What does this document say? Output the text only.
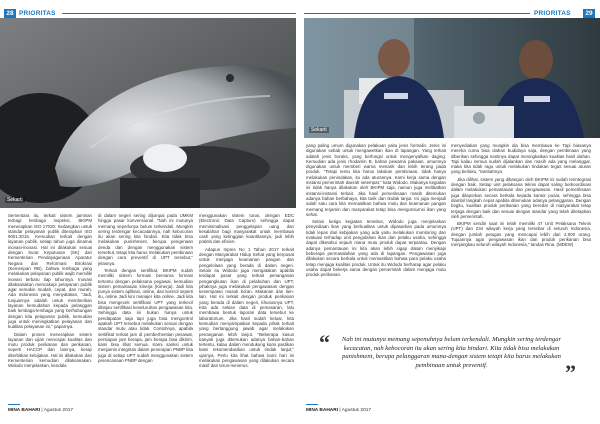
28 PRIORITAS
Sekarti

Sementara itu, terkait sistem jaminan terbagi lembaga inspeksi, BKIPM menerapkan ISO 17020. Sedangkan untuk standar pelayanan publik diterapkan ISO 9001:2015. Kemudian terkait dengan layanan publik, setiap tahun juga dinamai inovasi-inovasi. Hal ini dilakukan sesuai dengan Surat Keputusan (SK) dari Kementerian Pendayagunaan Aparatur Negara dan Reformasi Birokrasi (Kemenpan RB), bahwa lembaga yang melakukan pelayanan publik wajib memiliki inovasi terbaru tiap tahunnya. Inovasi dilaksanakan mencakupi pelayanan publik agar semakin mudah, cepat, dan murah. Ada Indonesia yang menyatakan, "Jadi, tunjuannya adalah untuk memberikan layanan kemudahan kepada pelanggan baik lembaga-lembaga yang berhubungan dengan kita pelayanan publik, kemudian juga untuk meningkatkan pelayanan dan kualitas pelayanan ini," paparnya.

Dalam proses menerapkan sistem layanan dan ujian mencapai kualitas dan mutu produk perikanan dan perikanan, seperti HACCP dan lainnya, kerap diterbitkan kebijakan. Hal ini dilakukan dari Kementerian kemudian dilaksanakan. Widodo menjelaskan, kendala

di dalam negeri sering dijumpai pada UMKM hingga pasar konvensional. "Nah ini mutunya memang seperlunya belum terkendali. Mungkin sering terdengar kecacatannya, nah kebocoran itu akan sering kita hindari. Kita tidak bisa melakukan punishment, berupa pengenaan denda dan dengan menggunakan sistem tersebut, tetapi kita harus melakukan pembinaan dengan cara preventif di UPT tersebut," jelasnya.

Terkait dengan sertifikat, BKIPM sudah memiliki sistem formasi bernama formasi tertentu dengan pelaksana pegawai, kemudian sistem pemantauan kinerja (Kimerja). Jadi kita punya sistem aplikasi, online, dan kontrol seperti itu, online Jadi kini manajer kita online. Jadi kita bisa mengecek sertifikasi UPT yang terkecil ditinjau sertifikasi keseluruhan pengawasan kita. Sehingga data ini bukan hanya untuk pendapatan saja tapi juga bisa mengontrol apakah UPT tersebut melakukan sesuai dengan standar mutu atau tidak. Contohnya, apabila sertifikat terkait jam di pemberhentian pesawat, persiapan jam berapa, jam berapa bisa dikirim, kami bisa lihat semua. Kami sanksi untuk menjamin integritas dalam penerapan PNBP kita juga di setiap UPT sudah menggunakan sistem perencanaan PNBP dengan

menggunakan sistem tunai, dengan EDC (Electronic Data Capture) sehingga dapat meminimalisasi penggelapan uang dan kesalahan bagi masyarakat untuk membawa cash yang ketinggian kuantitasnya, jadi lebih praktis dan efisien.

Adapun Inpres No 1 Tahun 2017 terkait dengan Masyarakat Hidup Sehat yang berpusat untuk menjaga keamanan pangan dan pengelolaan yang berada di dalam negeri. Selain itu Widodo juga mengatakan apabila terdapat pasar yang terkait penanganan pengangkutan ikan di pelabuhan dan UPT, pihaknya juga melakukan pengawasan dengan kesempatan masuk koran. Makanan dan lain-lain. Hal ini terkait dengan produk perikanan yang berada di dalam negeri, khususnya UPT, Kita ada sekian data di pemasaran, lalu membawa bentuk laporan data tersebut ke laboratorium. Jika hasil sudah keluar, kita kemudian menyampaikan kepada pihak terkait yang bertanggung jawab agar melakukan penanganan lebih lanjut. "Beberapa kasus banyak juga ditemukan adanya bahan-bahan tertentu, kalau dalam mendukung kami pastikan kami rekomendasikan untuk tindak lanjut," ujarnya. Perlu kita lihat bahwa kami hari ini melakukan pengawasan yang dilakukan secara masif dan terus-menerus.

MINA BAHARI | Agustus 2017
PRIORITAS	29
Sekarti

yang paling umum digunakan pelakuan yaitu jenis formalin. Jenis ini digunakan sebab untuk mengawetkan ikan di lapangan. Yang terkait adalah jenis boraks, yang berfungsi untuk mengenyalkan daging. Kemudian ada jenis rhodamin B, bahan pewarna pakaian, umumnya digunakan untuk memberi warna menarik dan lebih terang pada produk. "Tetapi tentu kita harus lakukan pembinaan, tidak hanya melakukan penindakan, itu ada aturannya. Kami kerja sama dengan instansi pemerintah daerah setempat," kata Widodo. Makanya kegiatan ini tidak hanya dilakukan oleh BKIPM saja, namun juga melibatkan instansi-instansi terkait. Jika hasil pemeriksaan masih ditemukan adanya bahan berbahaya, kita tarik dan tindak lanjut. Ini juga menjadi salah satu cara kita memastikan bahwa mutu dan keamanan pangan memang terjamin dan masyarakat tetap bisa mengonsumsi ikan yang sehat.

Selain ketiga kegiatan tersebut, Widodo juga menjelaskan penyediaan ikan yang berkualitas untuk dipasarkan pada umumnya tidak lepas dari kebijakan yang ada yaitu melakukan monitoring dan evaluasi terhadap unit pengolahan ikan dan pelaku usaha, sehingga dapat diketahui sejauh mana mutu produk dapat terpantau. Dengan adanya pemantauan ini kita akan lebih sigap dalam menyikapi beberapa permasalahan yang ada di lapangan. Pengawasan juga dilakukan secara berkala untuk memastikan bahwa para pelaku usaha tetap menjaga kualitas produk. Untuk itu Widodo berharap agar pelaku usaha dapat bekerja sama dengan pemerintah dalam menjaga mutu produk perikanan.

menyediakan yang mungkin dia bisa membawa ke Tapi biasanya mereka cuma bisa olahan budidaya saja, dengan pembinaan yang diberikan sehingga nantinya dapat meningkatkan kualitas hasil olahan. Tapi kalau semua sudah dijalankan dan masih ada yang melanggar, maka kita tidak ragu untuk melakukan tindakan tegas sesuai aturan yang berlaku, "tambahnya.

Jika dilihat, sistem yang dibangun oleh BKIPM ini sudah terintegrasi dengan baik. Setiap unit pelaksana teknis dapat saling berkoordinasi dalam melakukan pemantauan dan pengawasan. Hasil pemeriksaan juga dilaporkan secara berkala kepada kantor pusat, sehingga bisa diambil langkah cepat apabila ditemukan adanya pelanggaran. Dengan begitu, kualitas produk perikanan yang beredar di masyarakat tetap terjaga dengan baik dan sesuai dengan standar yang telah ditetapkan oleh pemerintah.

BKIPM sendiri saat ini telah memiliki 47 Unit Pelaksana Teknis (UPT) dan 234 wilayah kerja yang tersebar di seluruh Indonesia, dengan jumlah petugas yang mencapai lebih dari 2.000 orang. Tujuannya agar pengawasan ikan dan produk perikanan bisa menjangkau seluruh wilayah Indonesia," tandas Rina. (MDEW)

MINA BAHARI | Agustus 2017
“	Nah ini mutunya memang sepenuhnya belum terkendali. Mungkin sering terdengar kecacatan, nah kebocoran itu akan sering kita hindari. Kita tidak bisa melakukan punishment, berupa pelanggaran mana-dengan sistem tetapi kita harus melakukan pembinaan untuk preventif.	”
